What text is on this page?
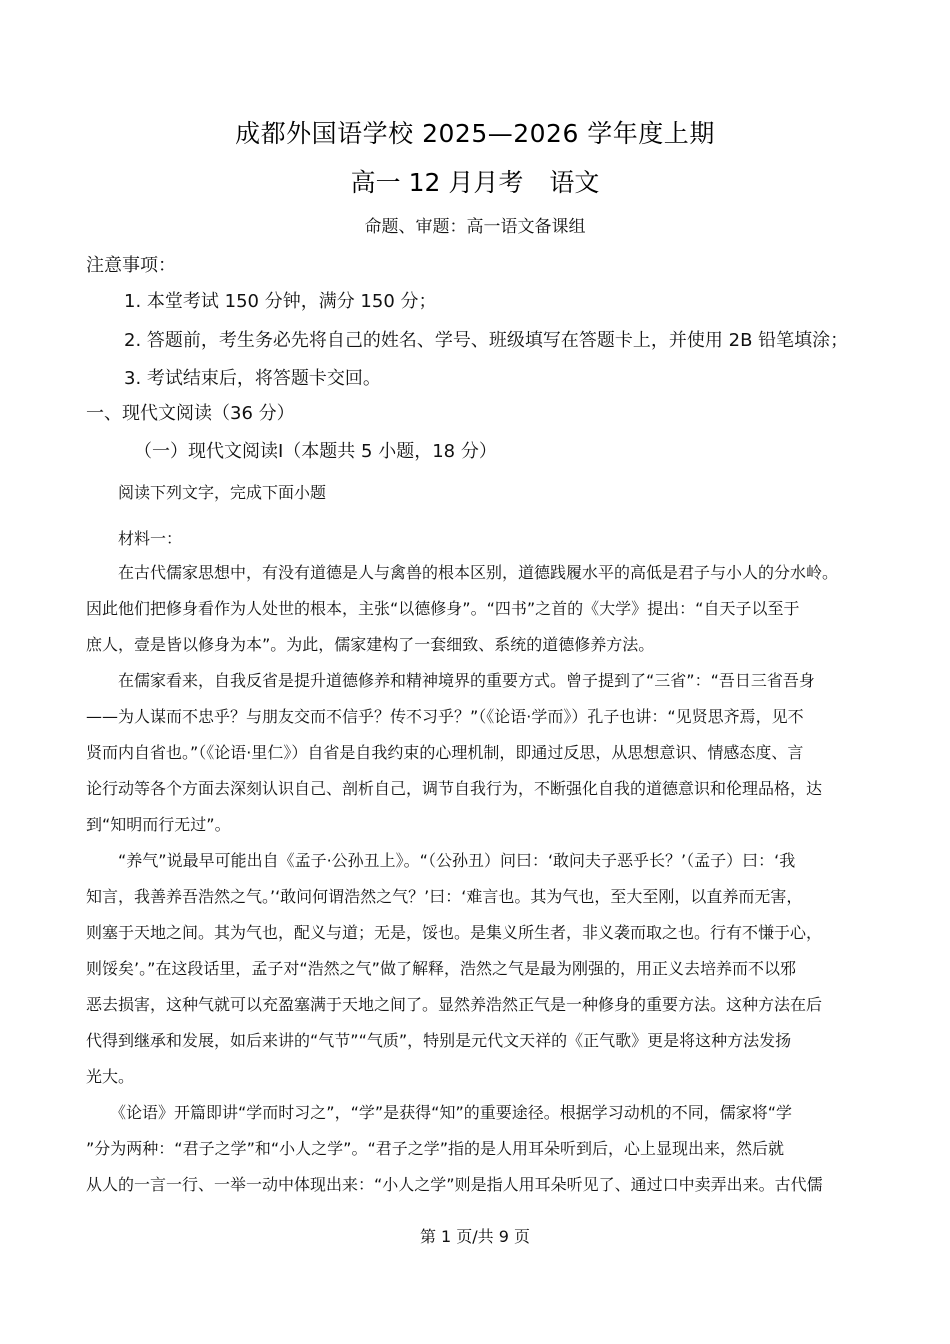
成都外国语学校 2025—2026 学年度上期
高一 12 月月考 语文
命题、审题：高一语文备课组
注意事项：
1. 本堂考试 150 分钟，满分 150 分；
2. 答题前，考生务必先将自己的姓名、学号、班级填写在答题卡上，并使用 2B 铅笔填涂；
3. 考试结束后，将答题卡交回。
一、现代文阅读（36 分）
（一）现代文阅读Ⅰ（本题共 5 小题，18 分）
阅读下列文字，完成下面小题
材料一：
　　在古代儒家思想中，有没有道德是人与禽兽的根本区别，道德践履水平的高低是君子与小人的分水岭。
因此他们把修身看作为人处世的根本，主张“以德修身”。“四书”之首的《大学》提出：“自天子以至于
庶人，壹是皆以修身为本”。为此，儒家建构了一套细致、系统的道德修养方法。
　　在儒家看来，自我反省是提升道德修养和精神境界的重要方式。曾子提到了“三省”：“吾日三省吾身
——为人谋而不忠乎？与朋友交而不信乎？传不习乎？”（《论语·学而》）孔子也讲：“见贤思齐焉，见不
贤而内自省也。”（《论语·里仁》）自省是自我约束的心理机制，即通过反思，从思想意识、情感态度、言
论行动等各个方面去深刻认识自己、剖析自己，调节自我行为，不断强化自我的道德意识和伦理品格，达
到“知明而行无过”。
　　“养气”说最早可能出自《孟子·公孙丑上》。“（公孙丑）问曰：‘敢问夫子恶乎长？’（孟子）曰：‘我
知言，我善养吾浩然之气。’‘敢问何谓浩然之气？’曰：‘难言也。其为气也，至大至刚，以直养而无害，
则塞于天地之间。其为气也，配义与道；无是，馁也。是集义所生者，非义袭而取之也。行有不慊于心，
则馁矣’。”在这段话里，孟子对“浩然之气”做了解释，浩然之气是最为刚强的，用正义去培养而不以邪
恶去损害，这种气就可以充盈塞满于天地之间了。显然养浩然正气是一种修身的重要方法。这种方法在后
代得到继承和发展，如后来讲的“气节”“气质”，特别是元代文天祥的《正气歌》更是将这种方法发扬
光大。
　　《论语》开篇即讲“学而时习之”，“学”是获得“知”的重要途径。根据学习动机的不同，儒家将“学
”分为两种：“君子之学”和“小人之学”。“君子之学”指的是人用耳朵听到后，心上显现出来，然后就
从人的一言一行、一举一动中体现出来：“小人之学”则是指人用耳朵听见了、通过口中卖弄出来。古代儒
第 1 页/共 9 页
